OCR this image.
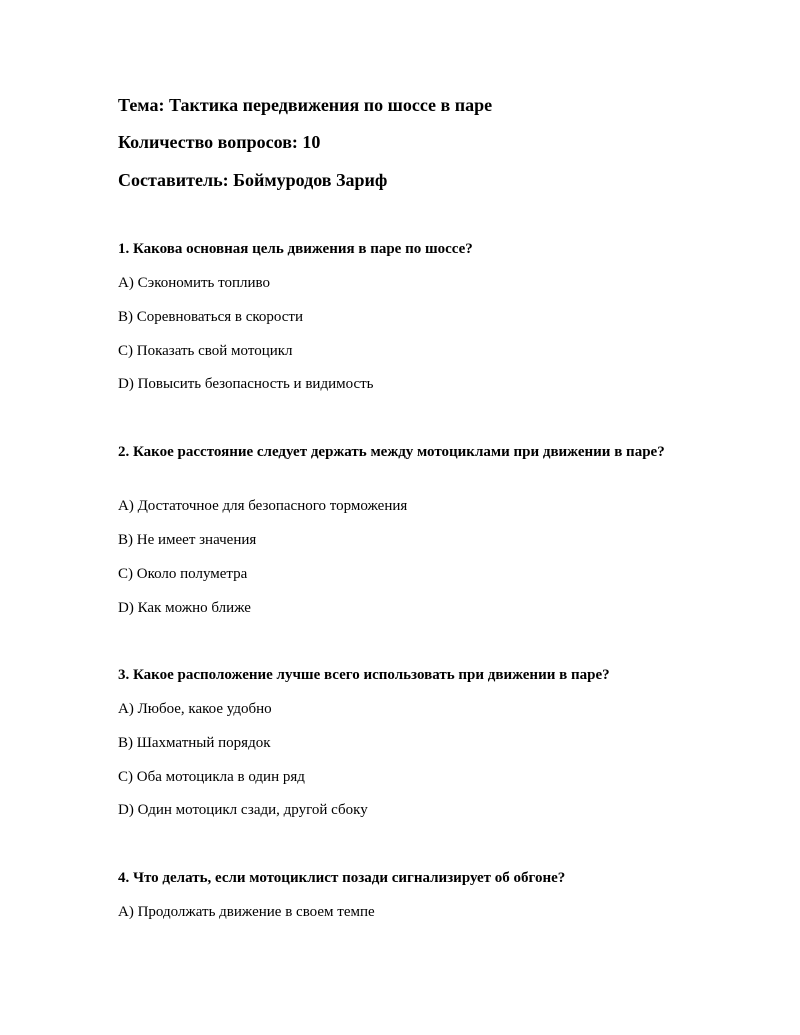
Тема: Тактика передвижения по шоссе в паре
Количество вопросов: 10
Составитель: Боймуродов Зариф
1. Какова основная цель движения в паре по шоссе?
A) Сэкономить топливо
B) Соревноваться в скорости
C) Показать свой мотоцикл
D) Повысить безопасность и видимость
2. Какое расстояние следует держать между мотоциклами при движении в паре?
A) Достаточное для безопасного торможения
B) Не имеет значения
C) Около полуметра
D) Как можно ближе
3. Какое расположение лучше всего использовать при движении в паре?
A) Любое, какое удобно
B) Шахматный порядок
C) Оба мотоцикла в один ряд
D) Один мотоцикл сзади, другой сбоку
4. Что делать, если мотоциклист позади сигнализирует об обгоне?
A) Продолжать движение в своем темпе
